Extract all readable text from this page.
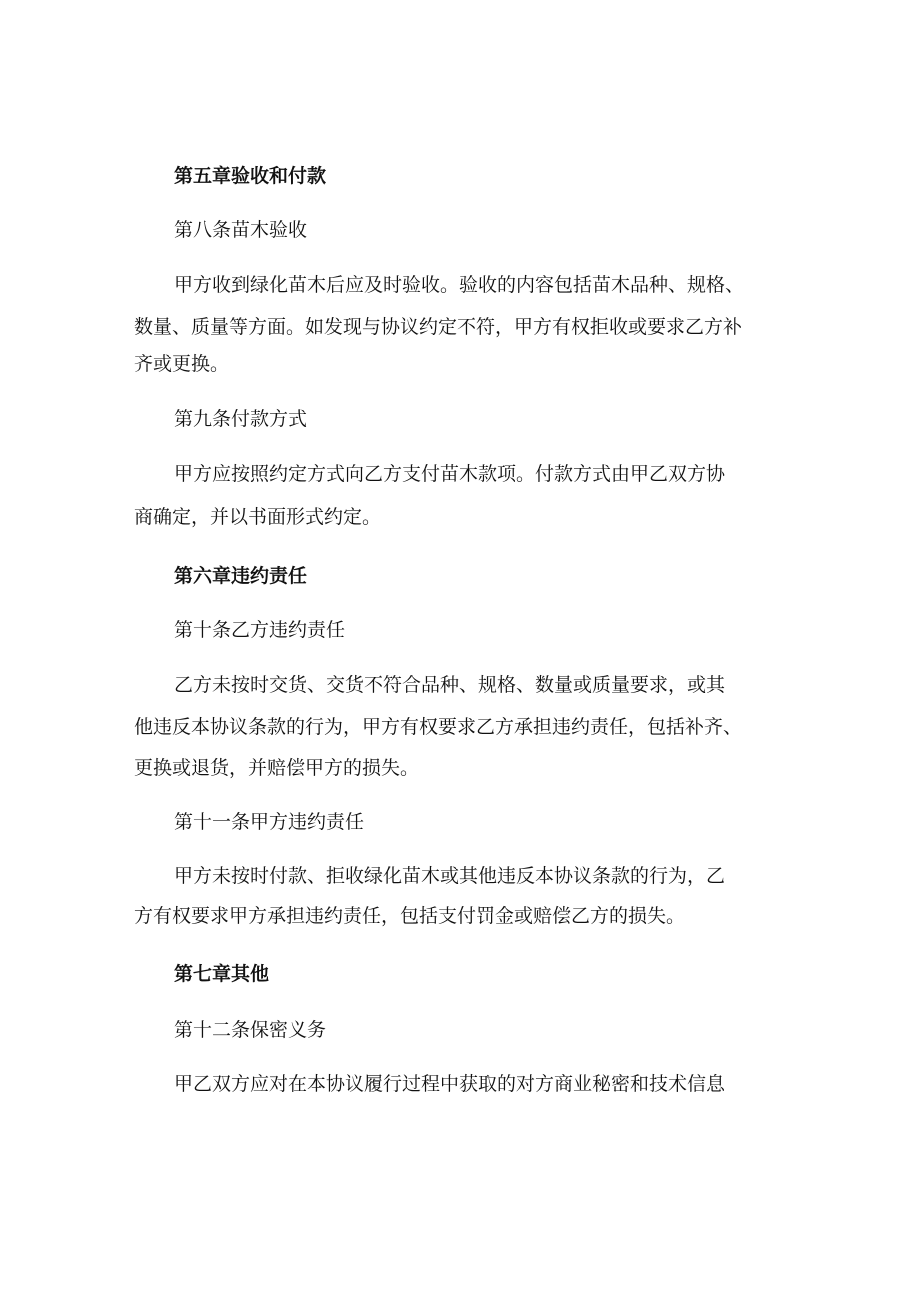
第五章验收和付款
第八条苗木验收
甲方收到绿化苗木后应及时验收。验收的内容包括苗木品种、规格、
数量、质量等方面。如发现与协议约定不符，甲方有权拒收或要求乙方补
齐或更换。
第九条付款方式
甲方应按照约定方式向乙方支付苗木款项。付款方式由甲乙双方协
商确定，并以书面形式约定。
第六章违约责任
第十条乙方违约责任
乙方未按时交货、交货不符合品种、规格、数量或质量要求，或其
他违反本协议条款的行为，甲方有权要求乙方承担违约责任，包括补齐、
更换或退货，并赔偿甲方的损失。
第十一条甲方违约责任
甲方未按时付款、拒收绿化苗木或其他违反本协议条款的行为，乙
方有权要求甲方承担违约责任，包括支付罚金或赔偿乙方的损失。
第七章其他
第十二条保密义务
甲乙双方应对在本协议履行过程中获取的对方商业秘密和技术信息
